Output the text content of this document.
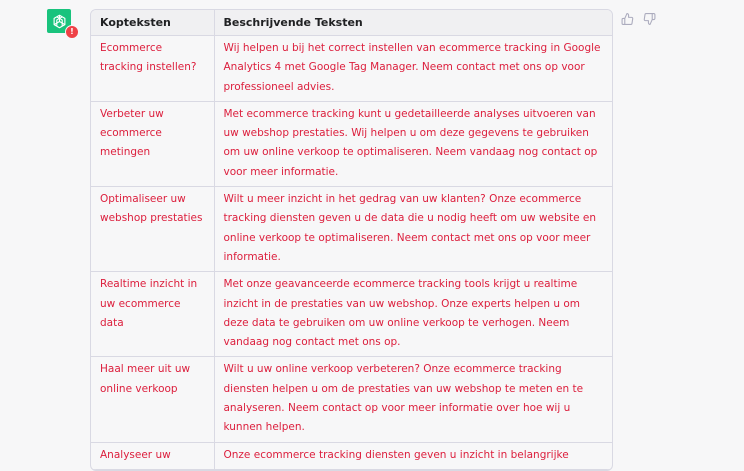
!
Kopteksten	Beschrijvende Teksten
Ecommerce tracking instellen?	Wij helpen u bij het correct instellen van ecommerce tracking in Google Analytics 4 met Google Tag Manager. Neem contact met ons op voor professioneel advies.
Verbeter uw ecommerce metingen	Met ecommerce tracking kunt u gedetailleerde analyses uitvoeren van uw webshop prestaties. Wij helpen u om deze gegevens te gebruiken om uw online verkoop te optimaliseren. Neem vandaag nog contact op voor meer informatie.
Optimaliseer uw webshop prestaties	Wilt u meer inzicht in het gedrag van uw klanten? Onze ecommerce tracking diensten geven u de data die u nodig heeft om uw website en online verkoop te optimaliseren. Neem contact met ons op voor meer informatie.
Realtime inzicht in uw ecommerce data	Met onze geavanceerde ecommerce tracking tools krijgt u realtime inzicht in de prestaties van uw webshop. Onze experts helpen u om deze data te gebruiken om uw online verkoop te verhogen. Neem vandaag nog contact met ons op.
Haal meer uit uw online verkoop	Wilt u uw online verkoop verbeteren? Onze ecommerce tracking diensten helpen u om de prestaties van uw webshop te meten en te analyseren. Neem contact op voor meer informatie over hoe wij u kunnen helpen.
Analyseer uw	Onze ecommerce tracking diensten geven u inzicht in belangrijke
